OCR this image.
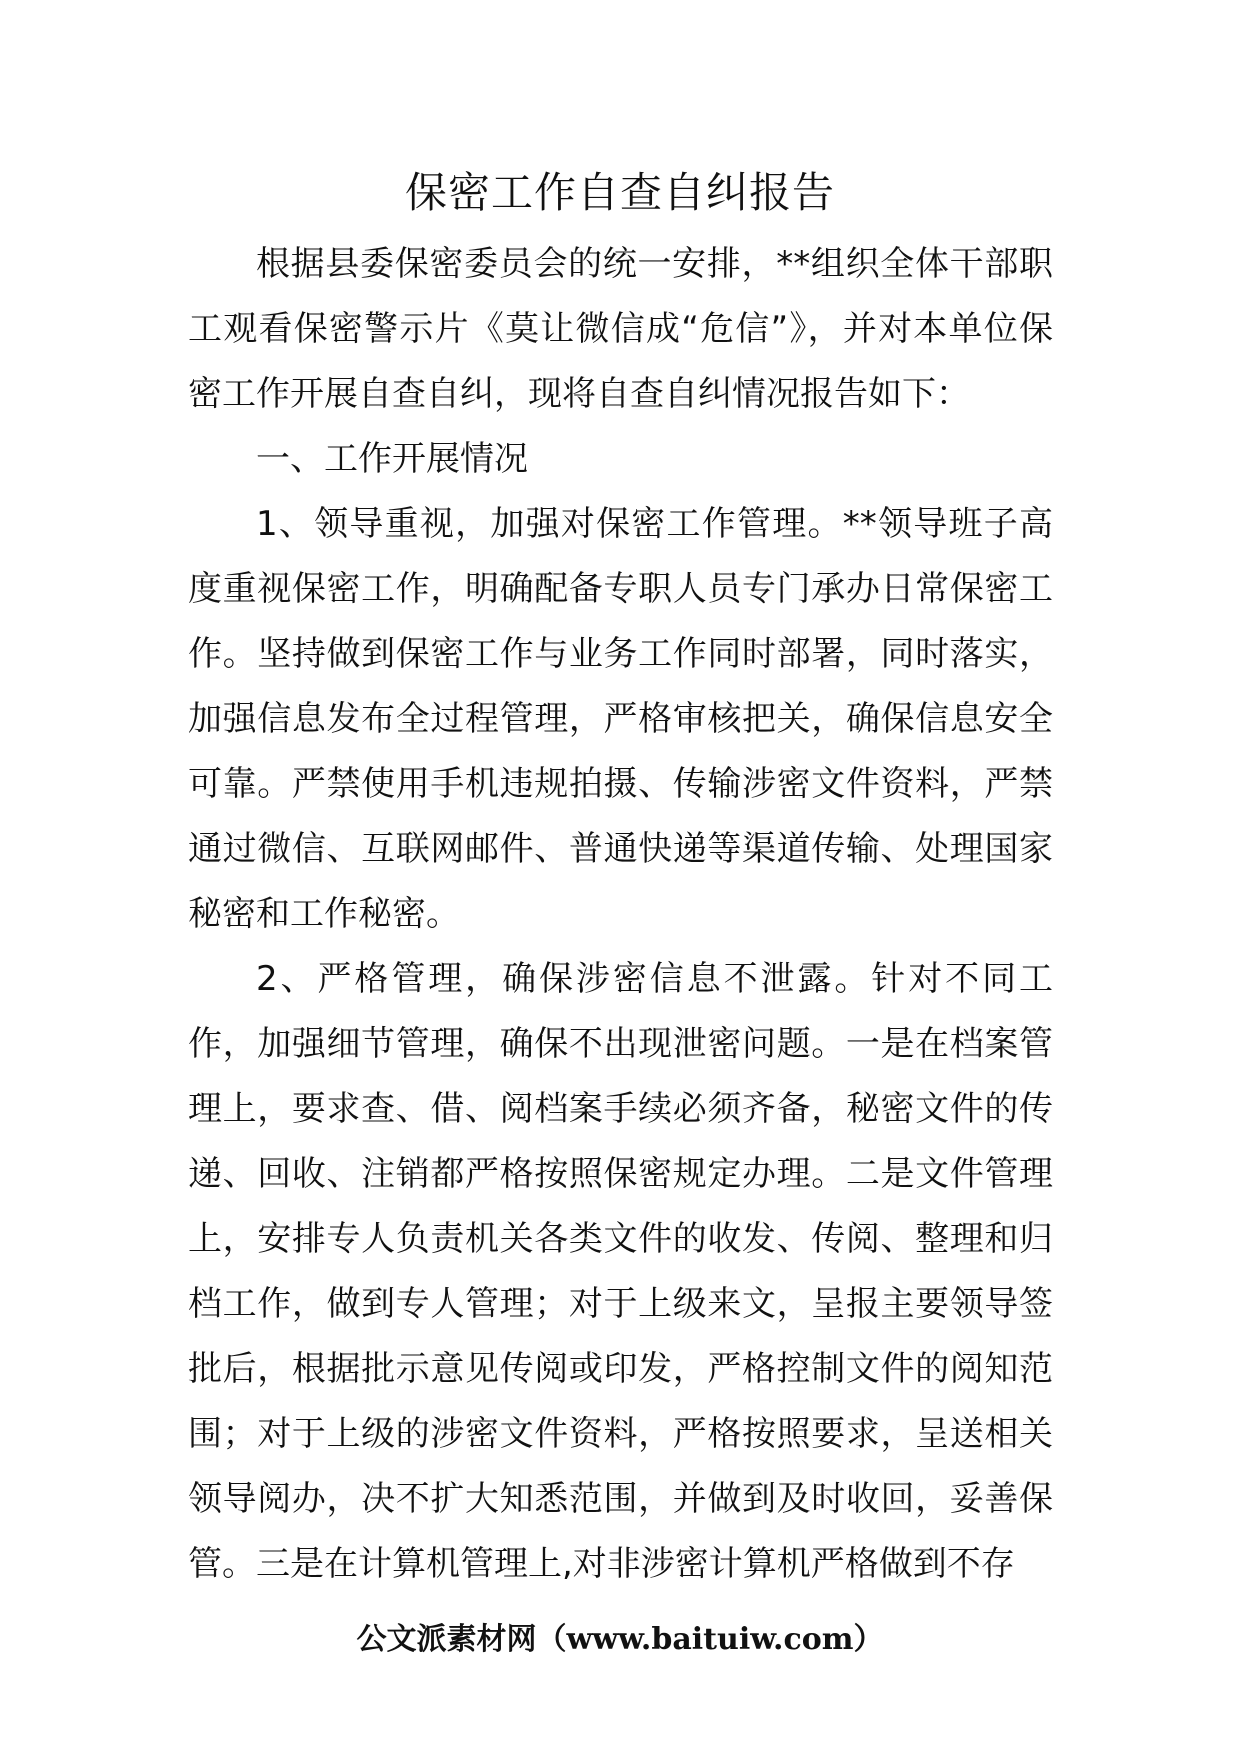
保密工作自查自纠报告

根据县委保密委员会的统一安排，**组织全体干部职工观看保密警示片《莫让微信成“危信”》，并对本单位保密工作开展自查自纠，现将自查自纠情况报告如下：

一、工作开展情况

1、领导重视，加强对保密工作管理。**领导班子高度重视保密工作，明确配备专职人员专门承办日常保密工作。坚持做到保密工作与业务工作同时部署，同时落实，加强信息发布全过程管理，严格审核把关，确保信息安全可靠。严禁使用手机违规拍摄、传输涉密文件资料，严禁通过微信、互联网邮件、普通快递等渠道传输、处理国家秘密和工作秘密。

2、严格管理，确保涉密信息不泄露。针对不同工作，加强细节管理，确保不出现泄密问题。一是在档案管理上，要求查、借、阅档案手续必须齐备，秘密文件的传递、回收、注销都严格按照保密规定办理。二是文件管理上，安排专人负责机关各类文件的收发、传阅、整理和归档工作，做到专人管理；对于上级来文，呈报主要领导签批后，根据批示意见传阅或印发，严格控制文件的阅知范围；对于上级的涉密文件资料，严格按照要求，呈送相关领导阅办，决不扩大知悉范围，并做到及时收回，妥善保管。三是在计算机管理上,对非涉密计算机严格做到不存

公文派素材网（www.baituiw.com）
